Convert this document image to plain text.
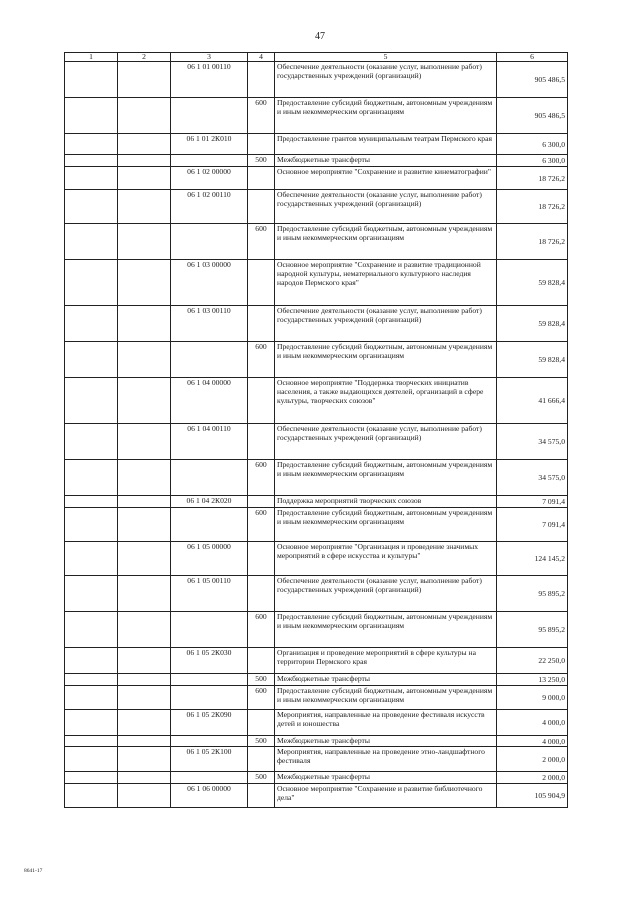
47
1	2	3	4	5	6
		06 1 01 00110		Обеспечение деятельности (оказание услуг, выполнение работ) государственных учреждений (организаций)	905 486,5
			600	Предоставление субсидий бюджетным, автономным учреждениям и иным некоммерческим организациям	905 486,5
		06 1 01 2К010		Предоставление грантов муниципальным театрам Пермского края	6 300,0
			500	Межбюджетные трансферты	6 300,0
		06 1 02 00000		Основное мероприятие "Сохранение и развитие кинематографии"	18 726,2
		06 1 02 00110		Обеспечение деятельности (оказание услуг, выполнение работ) государственных учреждений (организаций)	18 726,2
			600	Предоставление субсидий бюджетным, автономным учреждениям и иным некоммерческим организациям	18 726,2
		06 1 03 00000		Основное мероприятие "Сохранение и развитие традиционной народной культуры, нематериального культурного наследия народов Пермского края"	59 828,4
		06 1 03 00110		Обеспечение деятельности (оказание услуг, выполнение работ) государственных учреждений (организаций)	59 828,4
			600	Предоставление субсидий бюджетным, автономным учреждениям и иным некоммерческим организациям	59 828,4
		06 1 04 00000		Основное мероприятие "Поддержка творческих инициатив населения, а также выдающихся деятелей, организаций в сфере культуры, творческих союзов"	41 666,4
		06 1 04 00110		Обеспечение деятельности (оказание услуг, выполнение работ) государственных учреждений (организаций)	34 575,0
			600	Предоставление субсидий бюджетным, автономным учреждениям и иным некоммерческим организациям	34 575,0
		06 1 04 2К020		Поддержка мероприятий творческих союзов	7 091,4
			600	Предоставление субсидий бюджетным, автономным учреждениям и иным некоммерческим организациям	7 091,4
		06 1 05 00000		Основное мероприятие "Организация и проведение значимых мероприятий в сфере искусства и культуры"	124 145,2
		06 1 05 00110		Обеспечение деятельности (оказание услуг, выполнение работ) государственных учреждений (организаций)	95 895,2
			600	Предоставление субсидий бюджетным, автономным учреждениям и иным некоммерческим организациям	95 895,2
		06 1 05 2К030		Организация и проведение мероприятий в сфере культуры на территории Пермского края	22 250,0
			500	Межбюджетные трансферты	13 250,0
			600	Предоставление субсидий бюджетным, автономным учреждениям и иным некоммерческим организациям	9 000,0
		06 1 05 2К090		Мероприятия, направленные на проведение фестиваля искусств детей и юношества	4 000,0
			500	Межбюджетные трансферты	4 000,0
		06 1 05 2К100		Мероприятия, направленные на проведение этно-ландшафтного фестиваля	2 000,0
			500	Межбюджетные трансферты	2 000,0
		06 1 06 00000		Основное мероприятие "Сохранение и развитие библиотечного дела"	105 904,9
8641-17
